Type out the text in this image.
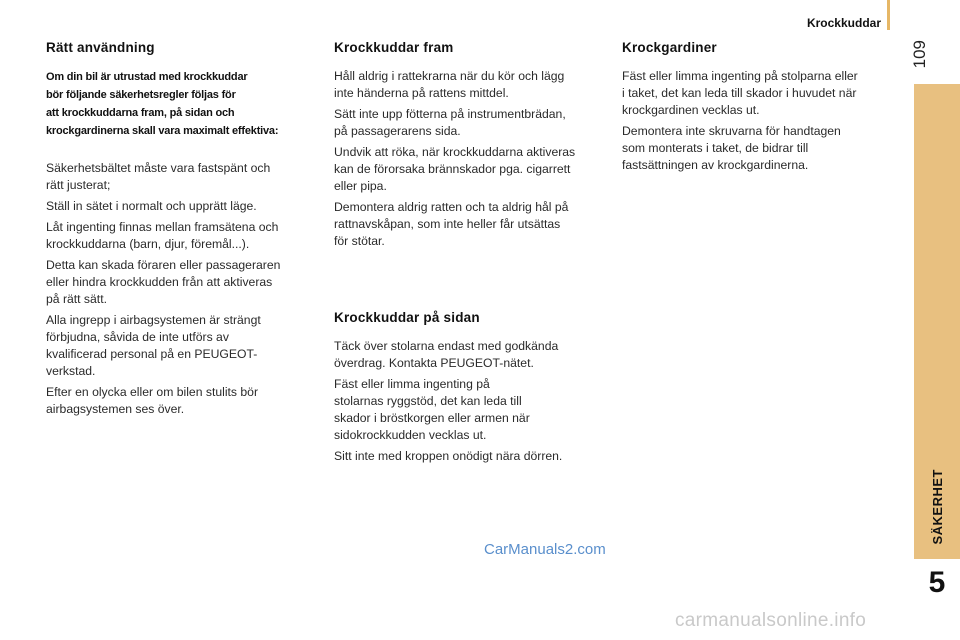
Krockkuddar
109
SÄKERHET
5
Rätt användning

Om din bil är utrustad med krockkuddar
bör följande säkerhetsregler följas för
att krockkuddarna fram, på sidan och
krockgardinerna skall vara maximalt effektiva:

Säkerhetsbältet måste vara fastspänt och
rätt justerat;

Ställ in sätet i normalt och upprätt läge.

Låt ingenting finnas mellan framsätena och
krockkuddarna (barn, djur, föremål...).

Detta kan skada föraren eller passageraren
eller hindra krockkudden från att aktiveras
på rätt sätt.

Alla ingrepp i airbagsystemen är strängt
förbjudna, såvida de inte utförs av
kvalificerad personal på en PEUGEOT-
verkstad.

Efter en olycka eller om bilen stulits bör
airbagsystemen ses över.

Krockkuddar fram

Håll aldrig i rattekrarna när du kör och lägg
inte händerna på rattens mittdel.

Sätt inte upp fötterna på instrumentbrädan,
på passagerarens sida.

Undvik att röka, när krockkuddarna aktiveras
kan de förorsaka brännskador pga. cigarrett
eller pipa.

Demontera aldrig ratten och ta aldrig hål på
rattnavskåpan, som inte heller får utsättas
för stötar.

Krockkuddar på sidan

Täck över stolarna endast med godkända
överdrag. Kontakta PEUGEOT-nätet.

Fäst eller limma ingenting på
stolarnas ryggstöd, det kan leda till
skador i bröstkorgen eller armen när
sidokrockkudden vecklas ut.

Sitt inte med kroppen onödigt nära dörren.

Krockgardiner

Fäst eller limma ingenting på stolparna eller
i taket, det kan leda till skador i huvudet när
krockgardinen vecklas ut.

Demontera inte skruvarna för handtagen
som monterats i taket, de bidrar till
fastsättningen av krockgardinerna.

CarManuals2.com
carmanualsonline.info
